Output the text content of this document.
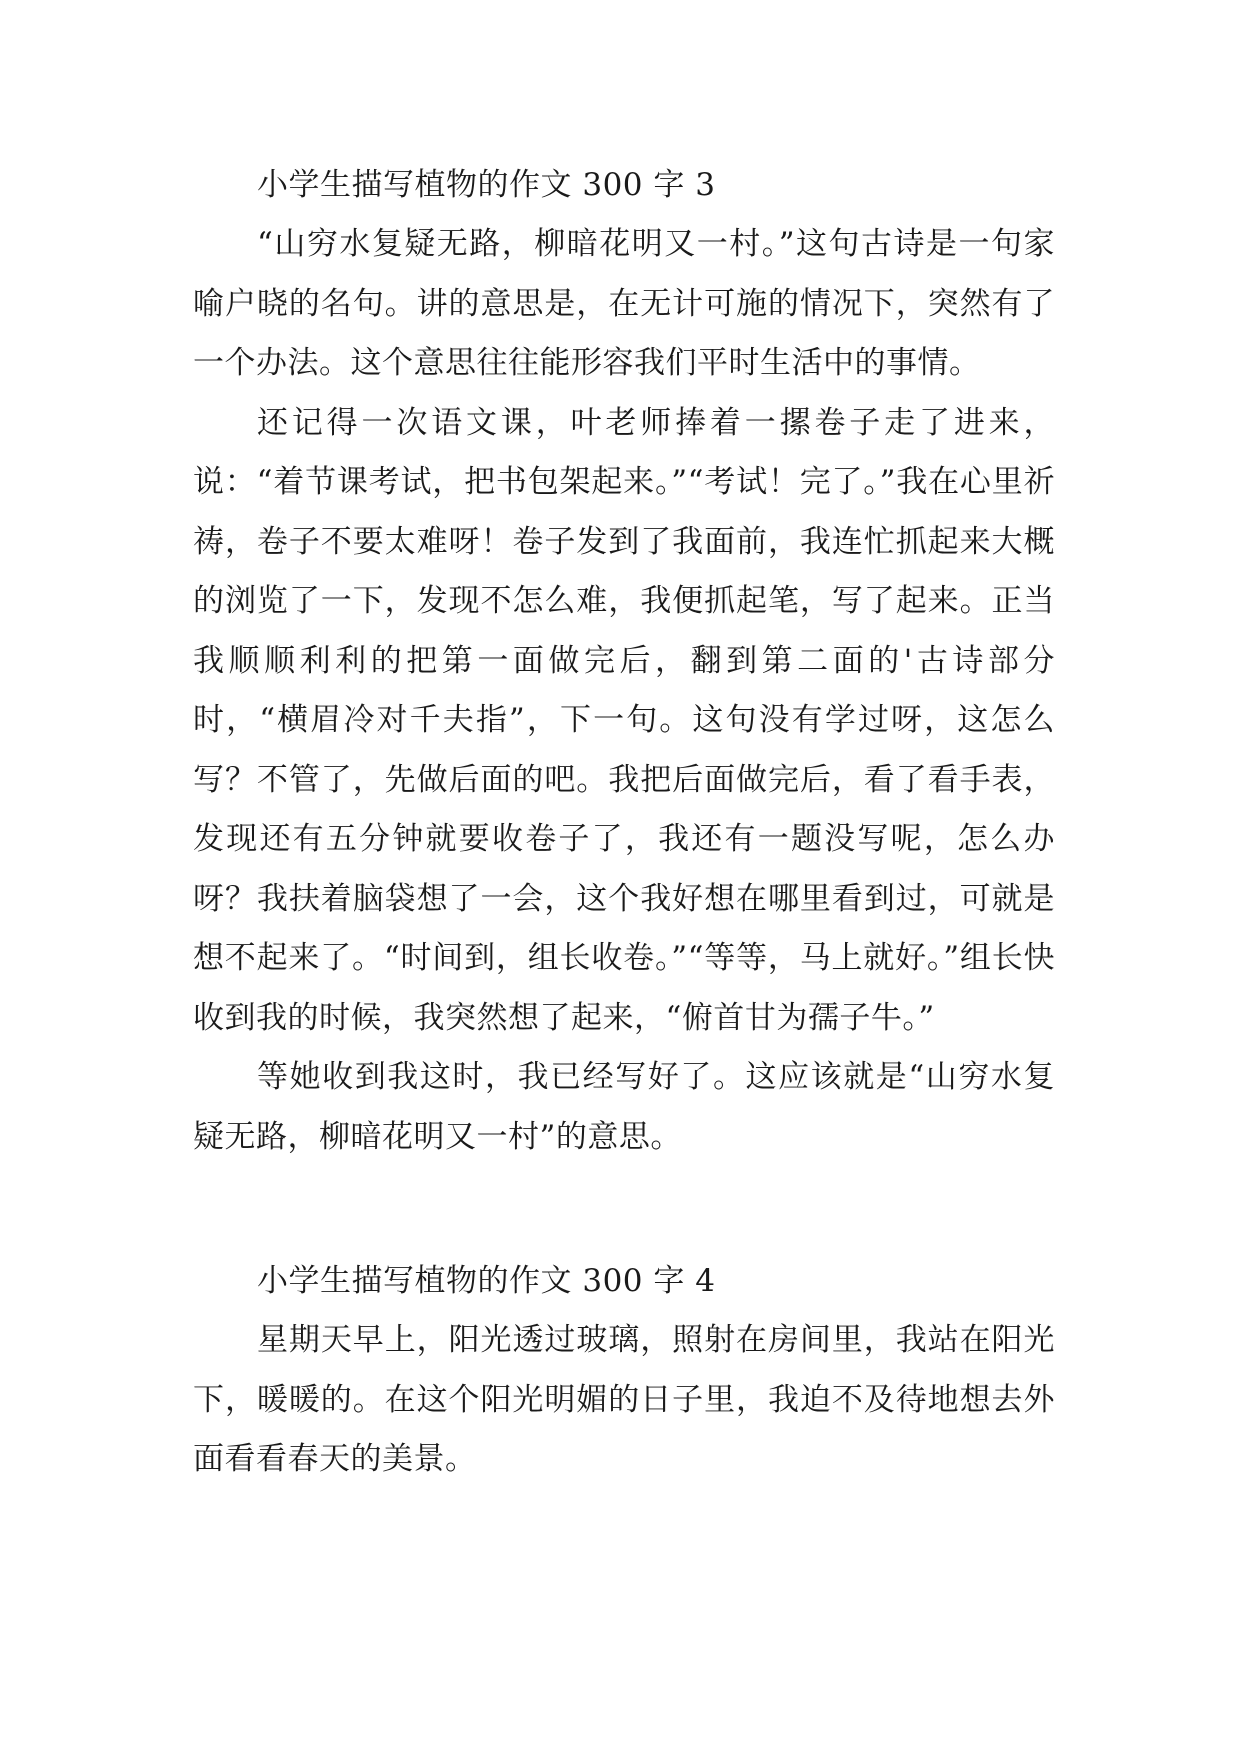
小学生描写植物的作文 300 字 3

“山穷水复疑无路，柳暗花明又一村。”这句古诗是一句家喻户晓的名句。讲的意思是，在无计可施的情况下，突然有了一个办法。这个意思往往能形容我们平时生活中的事情。

还记得一次语文课，叶老师捧着一摞卷子走了进来，说：“着节课考试，把书包架起来。”“考试！完了。”我在心里祈祷，卷子不要太难呀！卷子发到了我面前，我连忙抓起来大概的浏览了一下，发现不怎么难，我便抓起笔，写了起来。正当我顺顺利利的把第一面做完后，翻到第二面的'古诗部分时，“横眉冷对千夫指”，下一句。这句没有学过呀，这怎么写？不管了，先做后面的吧。我把后面做完后，看了看手表，发现还有五分钟就要收卷子了，我还有一题没写呢，怎么办呀？我扶着脑袋想了一会，这个我好想在哪里看到过，可就是想不起来了。“时间到，组长收卷。”“等等，马上就好。”组长快收到我的时候，我突然想了起来，“俯首甘为孺子牛。”

等她收到我这时，我已经写好了。这应该就是“山穷水复疑无路，柳暗花明又一村”的意思。

小学生描写植物的作文 300 字 4

星期天早上，阳光透过玻璃，照射在房间里，我站在阳光下，暖暖的。在这个阳光明媚的日子里，我迫不及待地想去外面看看春天的美景。
